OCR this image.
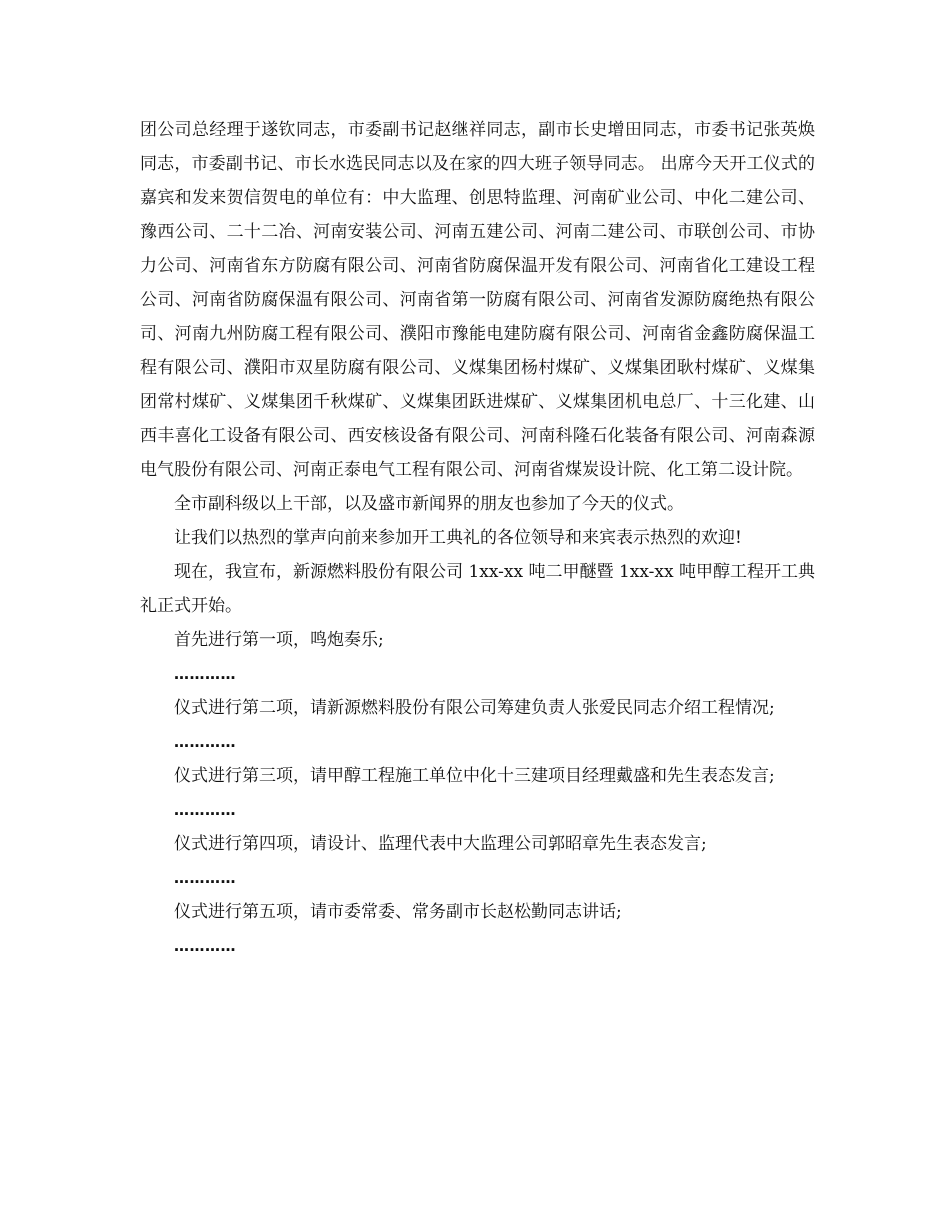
团公司总经理于遂钦同志，市委副书记赵继祥同志，副市长史增田同志，市委书记张英焕同志，市委副书记、市长水选民同志以及在家的四大班子领导同志。 出席今天开工仪式的嘉宾和发来贺信贺电的单位有：中大监理、创思特监理、河南矿业公司、中化二建公司、豫西公司、二十二冶、河南安装公司、河南五建公司、河南二建公司、市联创公司、市协力公司、河南省东方防腐有限公司、河南省防腐保温开发有限公司、河南省化工建设工程公司、河南省防腐保温有限公司、河南省第一防腐有限公司、河南省发源防腐绝热有限公司、河南九州防腐工程有限公司、濮阳市豫能电建防腐有限公司、河南省金鑫防腐保温工程有限公司、濮阳市双星防腐有限公司、义煤集团杨村煤矿、义煤集团耿村煤矿、义煤集团常村煤矿、义煤集团千秋煤矿、义煤集团跃进煤矿、义煤集团机电总厂、十三化建、山西丰喜化工设备有限公司、西安核设备有限公司、河南科隆石化装备有限公司、河南森源电气股份有限公司、河南正泰电气工程有限公司、河南省煤炭设计院、化工第二设计院。

全市副科级以上干部，以及盛市新闻界的朋友也参加了今天的仪式。

让我们以热烈的掌声向前来参加开工典礼的各位领导和来宾表示热烈的欢迎!

现在，我宣布，新源燃料股份有限公司 1xx-xx 吨二甲醚暨 1xx-xx 吨甲醇工程开工典礼正式开始。

首先进行第一项，鸣炮奏乐;

…………

仪式进行第二项，请新源燃料股份有限公司筹建负责人张爱民同志介绍工程情况;

…………

仪式进行第三项，请甲醇工程施工单位中化十三建项目经理戴盛和先生表态发言;

…………

仪式进行第四项，请设计、监理代表中大监理公司郭昭章先生表态发言;

…………

仪式进行第五项，请市委常委、常务副市长赵松勤同志讲话;

…………
